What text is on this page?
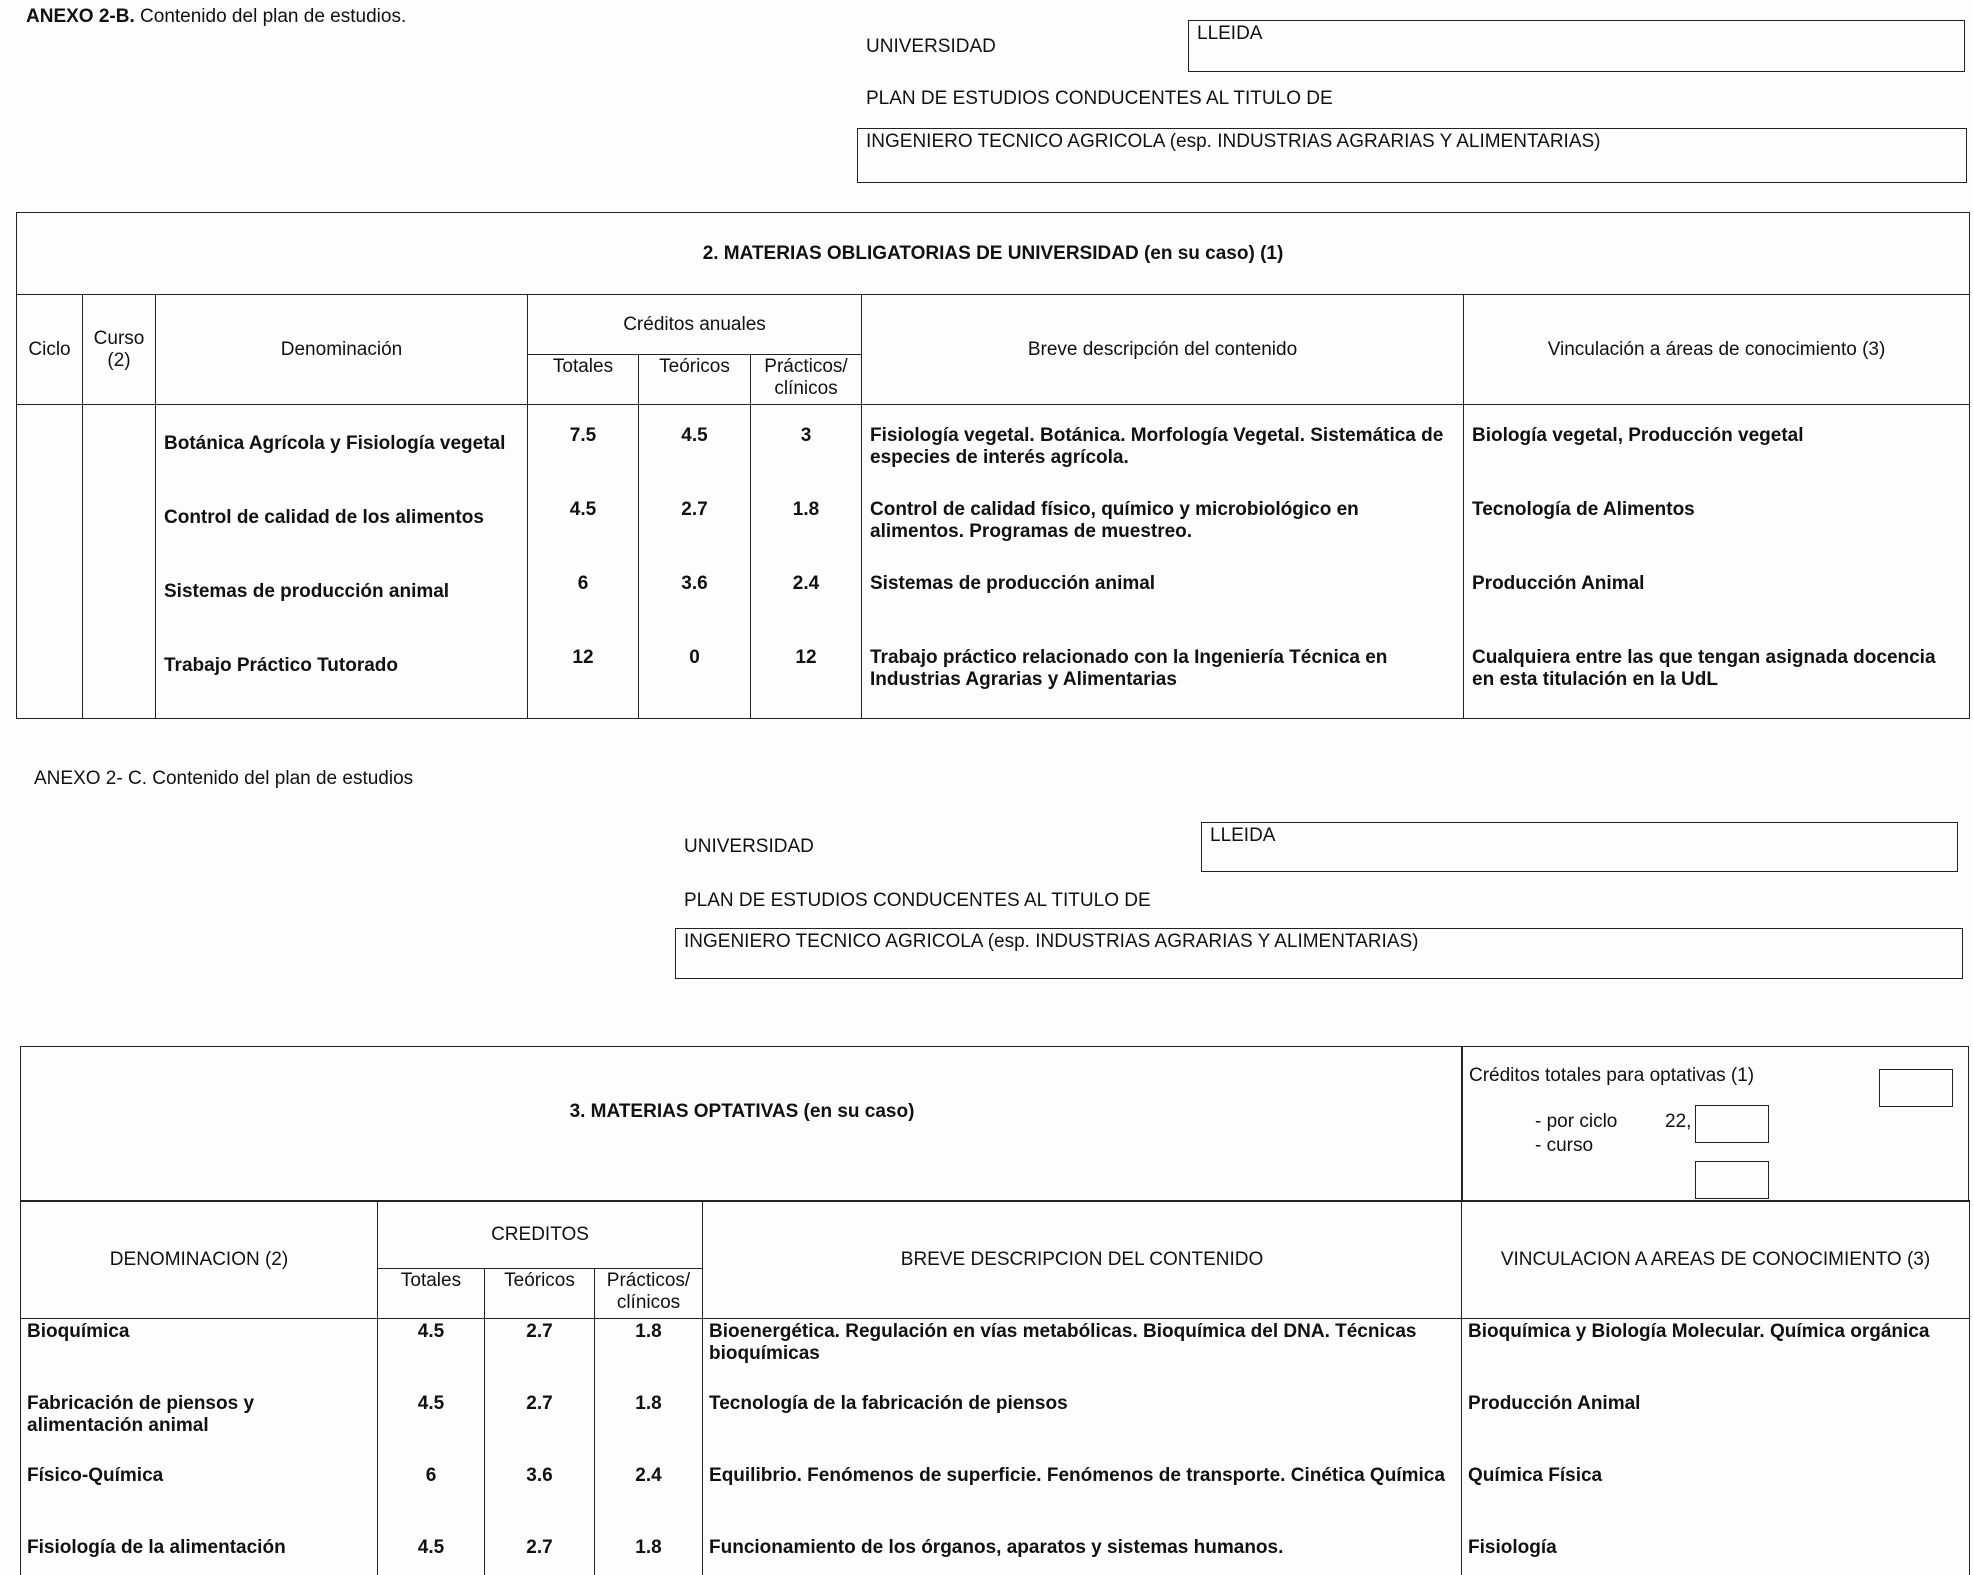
ANEXO 2-B. Contenido del plan de estudios.
UNIVERSIDAD
LLEIDA
PLAN DE ESTUDIOS CONDUCENTES AL TITULO DE
INGENIERO TECNICO AGRICOLA (esp. INDUSTRIAS AGRARIAS Y ALIMENTARIAS)
2. MATERIAS OBLIGATORIAS DE UNIVERSIDAD (en su caso) (1)							
Ciclo	Curso (2)	Denominación	Créditos anuales			Breve descripción del contenido	Vinculación a áreas de conocimiento (3)
			Totales	Teóricos	Prácticos/ clínicos		

		Botánica Agrícola y Fisiología vegetal	7.5	4.5	3	Fisiología vegetal. Botánica. Morfología Vegetal. Sistemática de especies de interés agrícola.	Biología vegetal, Producción vegetal
		Control de calidad de los alimentos	4.5	2.7	1.8	Control de calidad físico, químico y microbiológico en alimentos. Programas de muestreo.	Tecnología de Alimentos
		Sistemas de producción animal	6	3.6	2.4	Sistemas de producción animal	Producción Animal
		Trabajo Práctico Tutorado	12	0	12	Trabajo práctico relacionado con la Ingeniería Técnica en Industrias Agrarias y Alimentarias	Cualquiera entre las que tengan asignada docencia en esta titulación en la UdL
ANEXO 2- C. Contenido del plan de estudios
UNIVERSIDAD
LLEIDA
PLAN DE ESTUDIOS CONDUCENTES AL TITULO DE
INGENIERO TECNICO AGRICOLA (esp. INDUSTRIAS AGRARIAS Y ALIMENTARIAS)
3. MATERIAS OPTATIVAS (en su caso)
Créditos totales para optativas (1)
- por ciclo	22,
- curso
DENOMINACION (2)	CREDITOS			BREVE DESCRIPCION DEL CONTENIDO	VINCULACION A AREAS DE CONOCIMIENTO (3)
	Totales	Teóricos	Prácticos/ clínicos		
Bioquímica	4.5	2.7	1.8	Bioenergética. Regulación en vías metabólicas. Bioquímica del DNA. Técnicas bioquímicas	Bioquímica y Biología Molecular. Química orgánica
Fabricación de piensos y alimentación animal	4.5	2.7	1.8	Tecnología de la fabricación de piensos	Producción Animal
Físico-Química	6	3.6	2.4	Equilibrio. Fenómenos de superficie. Fenómenos de transporte. Cinética Química	Química Física
Fisiología de la alimentación	4.5	2.7	1.8	Funcionamiento de los órganos, aparatos y sistemas humanos.	Fisiología
